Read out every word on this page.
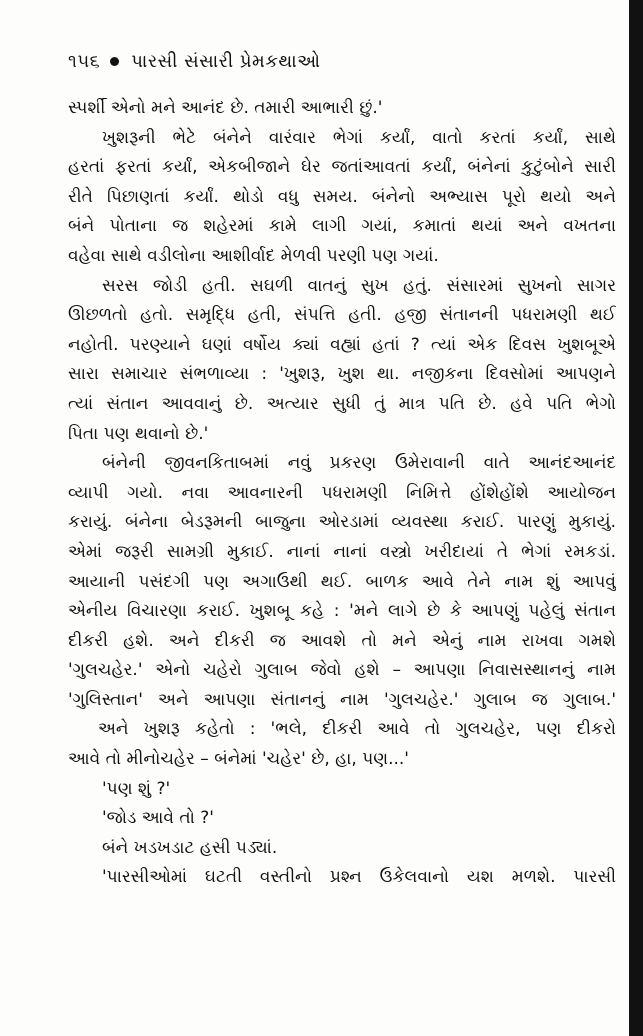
૧૫૬ પારસી સંસારી પ્રેમકથાઓ
સ્પર્શી એનો મને આનંદ છે. તમારી આભારી છું.'
ખુશરૂની ભેટે બંનેને વારંવાર ભેગાં કર્યાં, વાતો કરતાં કર્યાં, સાથે
હરતાં ફરતાં કર્યાં, એકબીજાને ઘેર જતાંઆવતાં કર્યાં, બંનેનાં કુટુંબોને સારી
રીતે પિછાણતાં કર્યાં. થોડો વધુ સમય. બંનેનો અભ્યાસ પૂરો થયો અને
બંને પોતાના જ શહેરમાં કામે લાગી ગયાં, કમાતાં થયાં અને વખતના
વહેવા સાથે વડીલોના આશીર્વાદ મેળવી પરણી પણ ગયાં.
સરસ જોડી હતી. સઘળી વાતનું સુખ હતું. સંસારમાં સુખનો સાગર
ઊછળતો હતો. સમૃદ્ધિ હતી, સંપત્તિ હતી. હજી સંતાનની પધરામણી થઈ
નહોતી. પરણ્યાને ઘણાં વર્ષોય ક્યાં વહ્યાં હતાં ? ત્યાં એક દિવસ ખુશબૂએ
સારા સમાચાર સંભળાવ્યા : 'ખુશરૂ, ખુશ થા. નજીકના દિવસોમાં આપણને
ત્યાં સંતાન આવવાનું છે. અત્યાર સુધી તું માત્ર પતિ છે. હવે પતિ ભેગો
પિતા પણ થવાનો છે.'
બંનેની જીવનકિતાબમાં નવું પ્રકરણ ઉમેરાવાની વાતે આનંદઆનંદ
વ્યાપી ગયો. નવા આવનારની પધરામણી નિમિત્તે હોંશેહોંશે આયોજન
કરાયું. બંનેના બેડરૂમની બાજુના ઓરડામાં વ્યવસ્થા કરાઈ. પારણું મુકાયું.
એમાં જરૂરી સામગ્રી મુકાઈ. નાનાં નાનાં વસ્ત્રો ખરીદાયાં તે ભેગાં રમકડાં.
આયાની પસંદગી પણ અગાઉથી થઈ. બાળક આવે તેને નામ શું આપવું
એનીય વિચારણા કરાઈ. ખુશબૂ કહે : 'મને લાગે છે કે આપણું પહેલું સંતાન
દીકરી હશે. અને દીકરી જ આવશે તો મને એનું નામ રાખવા ગમશે
'ગુલચહેર.' એનો ચહેરો ગુલાબ જેવો હશે – આપણા નિવાસસ્થાનનું નામ
'ગુલિસ્તાન' અને આપણા સંતાનનું નામ 'ગુલચહેર.' ગુલાબ જ ગુલાબ.'
અને ખુશરૂ કહેતો : 'ભલે, દીકરી આવે તો ગુલચહેર, પણ દીકરો
આવે તો મીનોચહેર – બંનેમાં 'ચહેર' છે, હા, પણ...'
'પણ શું ?'
'જોડ આવે તો ?'
બંને ખડખડાટ હસી પડ્યાં.
'પારસીઓમાં ઘટતી વસ્તીનો પ્રશ્ન ઉકેલવાનો યશ મળશે. પારસી
